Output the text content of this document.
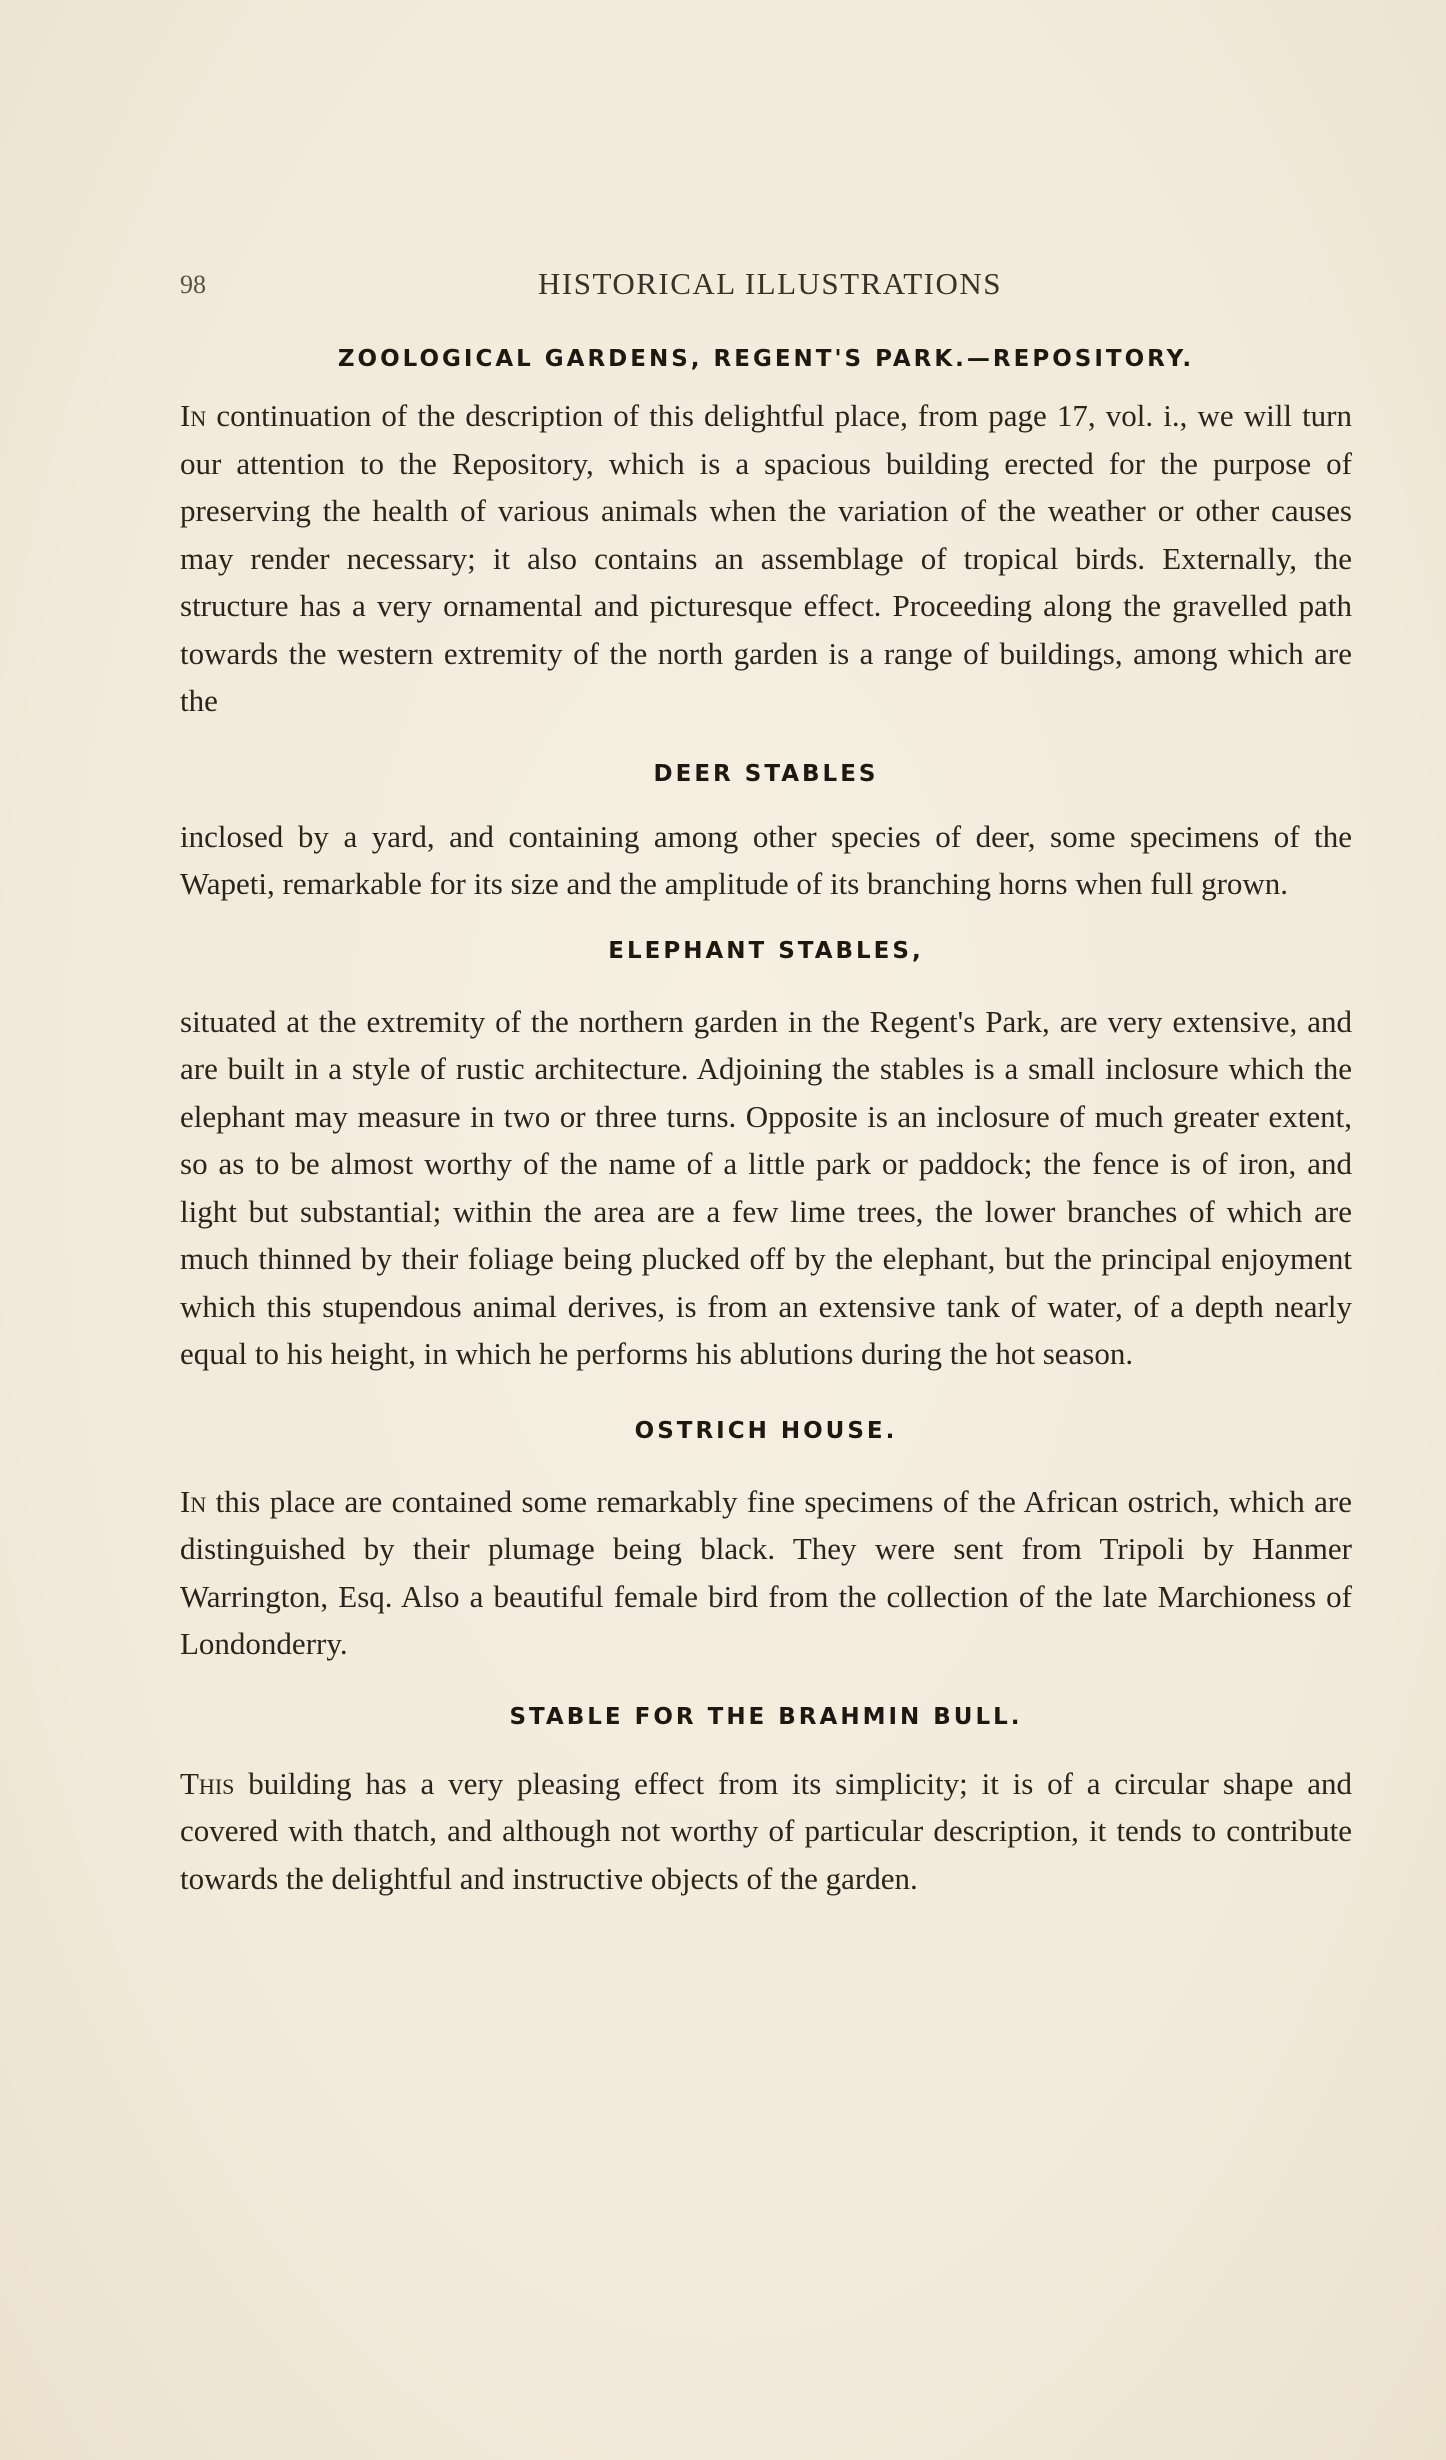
98	HISTORICAL ILLUSTRATIONS
ZOOLOGICAL GARDENS, REGENT'S PARK.—REPOSITORY.

In continuation of the description of this delightful place, from page 17, vol. i., we will turn our attention to the Repository, which is a spacious building erected for the purpose of preserving the health of various animals when the variation of the weather or other causes may render necessary; it also contains an assemblage of tropical birds. Externally, the structure has a very ornamental and picturesque effect. Proceeding along the gravelled path towards the western extremity of the north garden is a range of buildings, among which are the

DEER STABLES

inclosed by a yard, and containing among other species of deer, some specimens of the Wapeti, remarkable for its size and the amplitude of its branching horns when full grown.

ELEPHANT STABLES,

situated at the extremity of the northern garden in the Regent's Park, are very extensive, and are built in a style of rustic architecture. Adjoining the stables is a small inclosure which the elephant may measure in two or three turns. Opposite is an inclosure of much greater extent, so as to be almost worthy of the name of a little park or paddock; the fence is of iron, and light but substantial; within the area are a few lime trees, the lower branches of which are much thinned by their foliage being plucked off by the elephant, but the principal enjoyment which this stupendous animal derives, is from an extensive tank of water, of a depth nearly equal to his height, in which he performs his ablutions during the hot season.

OSTRICH HOUSE.

In this place are contained some remarkably fine specimens of the African ostrich, which are distinguished by their plumage being black. They were sent from Tripoli by Hanmer Warrington, Esq. Also a beautiful female bird from the collection of the late Marchioness of Londonderry.

STABLE FOR THE BRAHMIN BULL.

This building has a very pleasing effect from its simplicity; it is of a circular shape and covered with thatch, and although not worthy of particular description, it tends to contribute towards the delightful and instructive objects of the garden.
